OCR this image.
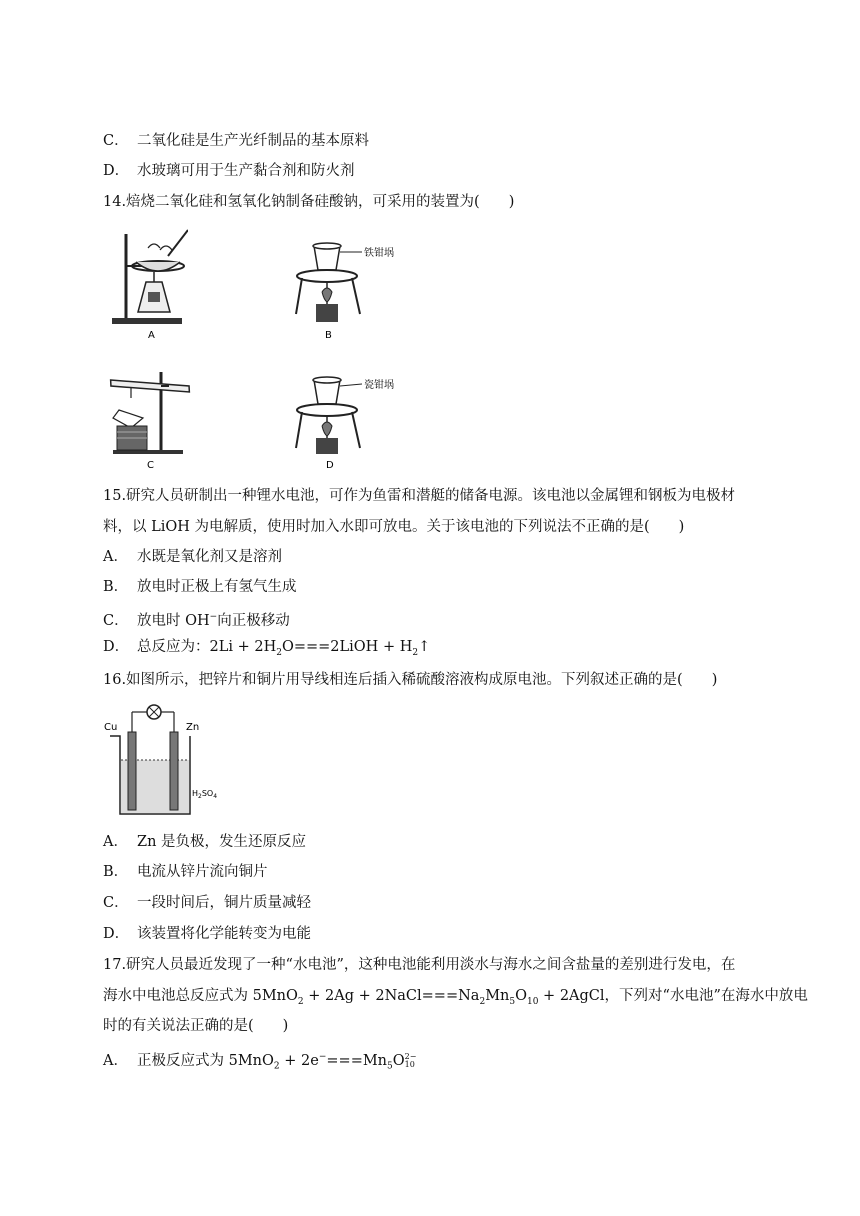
C． 二氧化硅是生产光纤制品的基本原料
D． 水玻璃可用于生产黏合剂和防火剂
14.焙烧二氧化硅和氢氧化钠制备硅酸钠，可采用的装置为(　　)
A
铁钳埚
B
C
瓷钳埚
D
15.研究人员研制出一种锂水电池，可作为鱼雷和潜艇的储备电源。该电池以金属锂和钢板为电极材
料，以 LiOH 为电解质，使用时加入水即可放电。关于该电池的下列说法不正确的是(　　)
A． 水既是氧化剂又是溶剂
B． 放电时正极上有氢气生成
C． 放电时 OH−向正极移动
D． 总反应为：$2Li + 2H_2O===2LiOH$ + $H_2↑$
16.如图所示，把锌片和铜片用导线相连后插入稀硫酸溶液构成原电池。下列叙述正确的是(　　)
Cu	Zn
$H_2SO_4$
A． Zn 是负极，发生还原反应
B． 电流从锌片流向铜片
C． 一段时间后，铜片质量减轻
D． 该装置将化学能转变为电能
17.研究人员最近发现了一种“水电池”，这种电池能利用淡水与海水之间含盐量的差别进行发电，在
海水中电池总反应式为 $5MnO_2 + 2Ag + 2NaCl===Na_2Mn_5O_{10}$ + 2AgCl，下列对“水电池”在海水中放电
时的有关说法正确的是(　　)
A． 正极反应式为 $5MnO_2 + 2e^-===Mn_5O$ 2−
10
